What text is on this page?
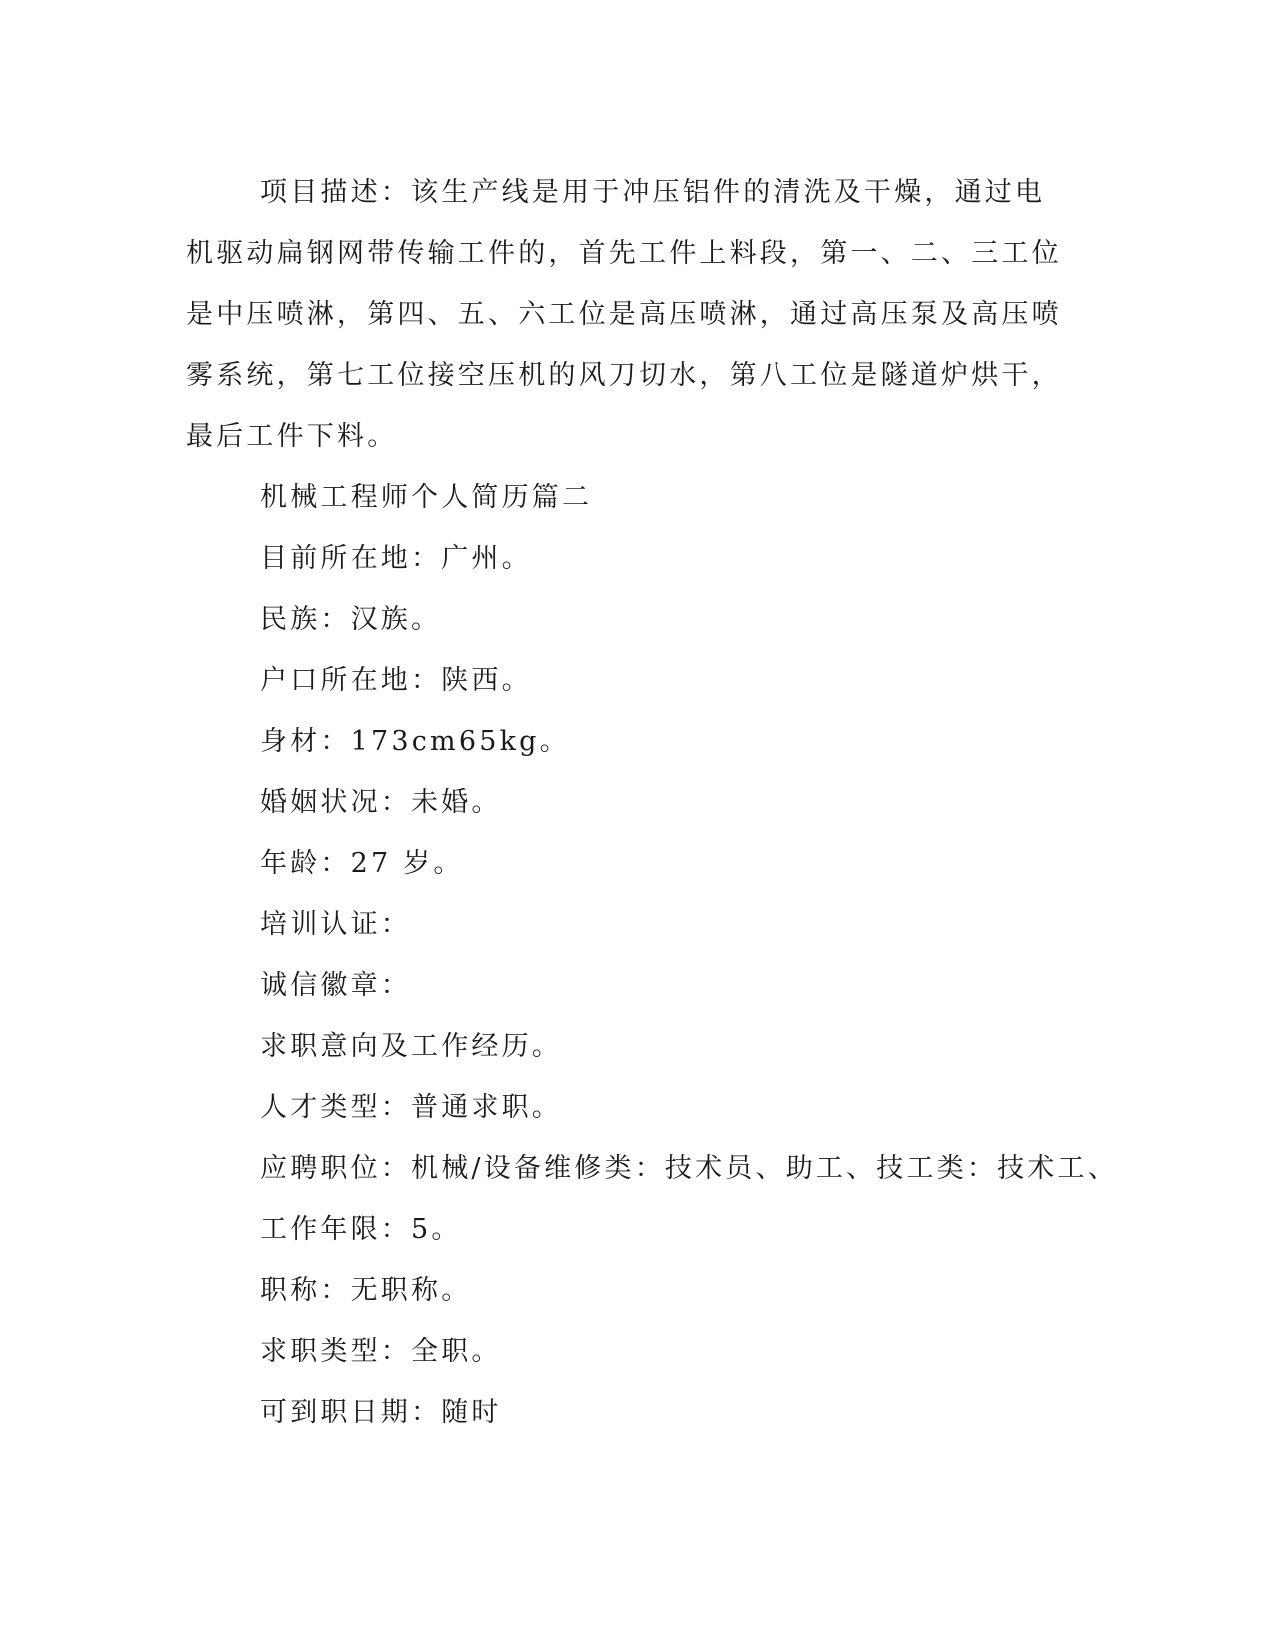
项目描述：该生产线是用于冲压铝件的清洗及干燥，通过电机驱动扁钢网带传输工件的，首先工件上料段，第一、二、三工位是中压喷淋，第四、五、六工位是高压喷淋，通过高压泵及高压喷雾系统，第七工位接空压机的风刀切水，第八工位是隧道炉烘干，最后工件下料。

机械工程师个人简历篇二

目前所在地：广州。

民族：汉族。

户口所在地：陕西。

身材：173cm65kg。

婚姻状况：未婚。

年龄：27 岁。

培训认证：

诚信徽章：

求职意向及工作经历。

人才类型：普通求职。

应聘职位：机械/设备维修类：技术员、助工、技工类：技术工、

工作年限：5。

职称：无职称。

求职类型：全职。

可到职日期：随时
